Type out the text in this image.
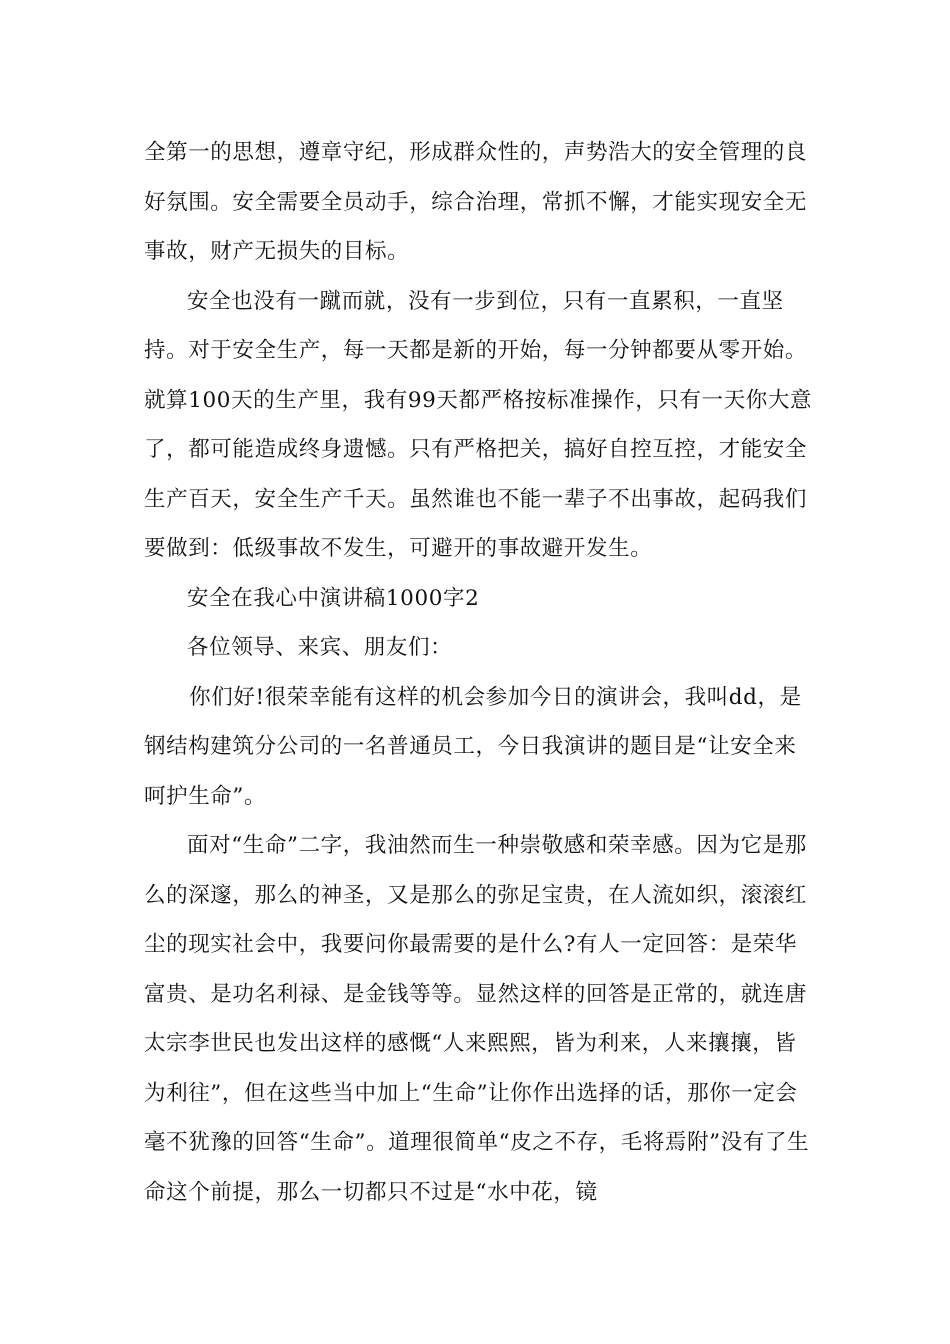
全第一的思想，遵章守纪，形成群众性的，声势浩大的安全管理的良好氛围。安全需要全员动手，综合治理，常抓不懈，才能实现安全无事故，财产无损失的目标。

安全也没有一蹴而就，没有一步到位，只有一直累积，一直坚持。对于安全生产，每一天都是新的开始，每一分钟都要从零开始。就算100天的生产里，我有99天都严格按标准操作，只有一天你大意了，都可能造成终身遗憾。只有严格把关，搞好自控互控，才能安全生产百天，安全生产千天。虽然谁也不能一辈子不出事故，起码我们要做到：低级事故不发生，可避开的事故避开发生。

安全在我心中演讲稿1000字2

各位领导、来宾、朋友们：

你们好!很荣幸能有这样的机会参加今日的演讲会，我叫dd，是钢结构建筑分公司的一名普通员工，今日我演讲的题目是“让安全来呵护生命”。

面对“生命”二字，我油然而生一种崇敬感和荣幸感。因为它是那么的深邃，那么的神圣，又是那么的弥足宝贵，在人流如织，滚滚红尘的现实社会中，我要问你最需要的是什么?有人一定回答：是荣华富贵、是功名利禄、是金钱等等。显然这样的回答是正常的，就连唐太宗李世民也发出这样的感慨“人来熙熙，皆为利来，人来攘攘，皆为利往”，但在这些当中加上“生命”让你作出选择的话，那你一定会毫不犹豫的回答“生命”。道理很简单“皮之不存，毛将焉附”没有了生命这个前提，那么一切都只不过是“水中花，镜
